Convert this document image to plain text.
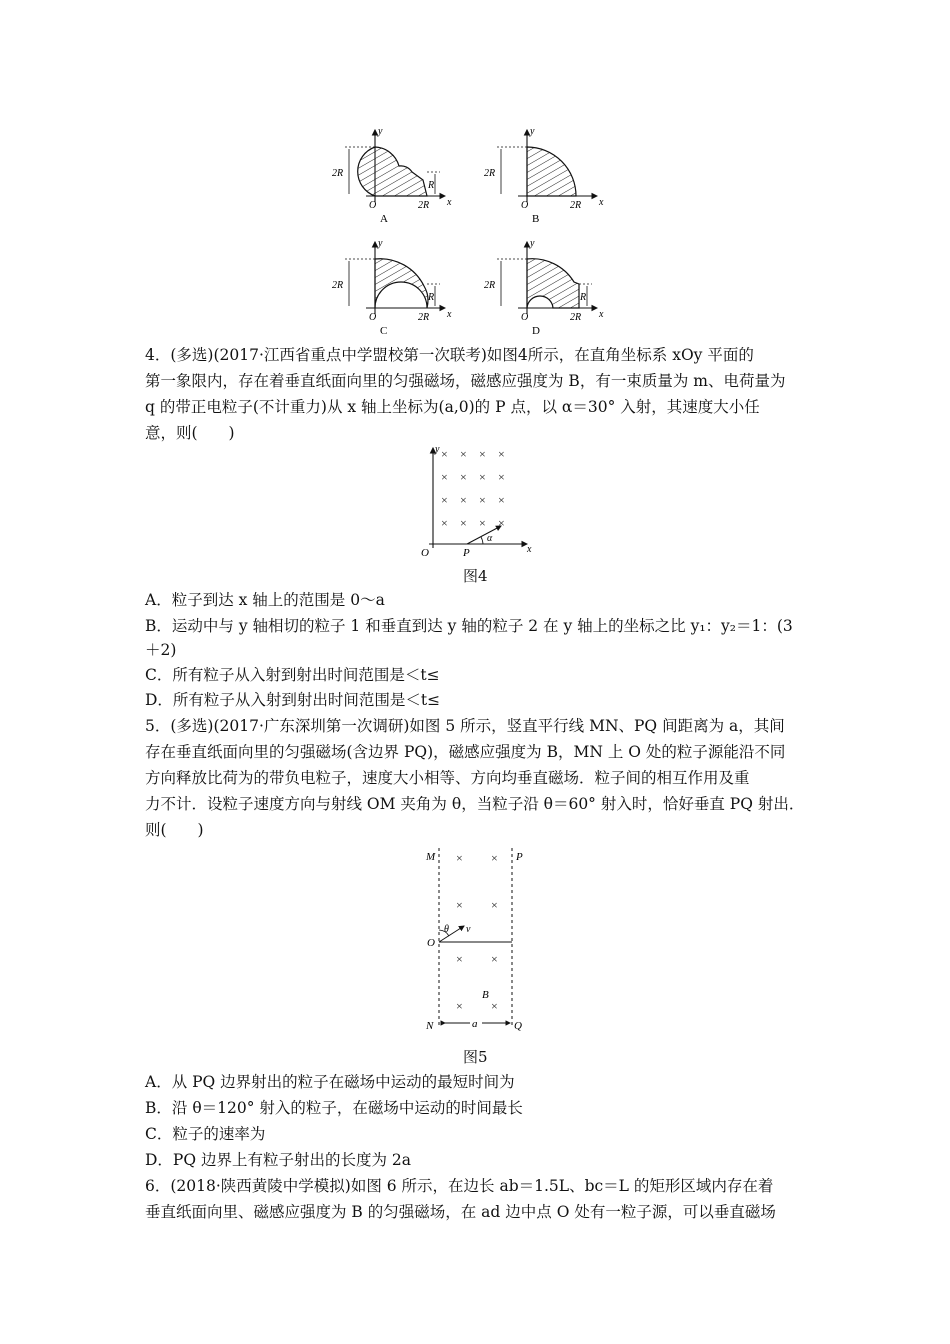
y
x
O
2R
2R
R
A
y
x
O
2R
2R
B
y
x
O
2R
2R
R
C
y
x
O
2R
2R
R
D
4．(多选)(2017·江西省重点中学盟校第一次联考)如图4所示，在直角坐标系 xOy 平面的
第一象限内，存在着垂直纸面向里的匀强磁场，磁感应强度为 B，有一束质量为 m、电荷量为
q 的带正电粒子(不计重力)从 x 轴上坐标为(a,0)的 P 点，以 α＝30° 入射，其速度大小任
意，则(　　)
× × × ×
× × × ×
× × × ×
× × × ×
y
x
O	P
α
图4
A．粒子到达 x 轴上的范围是 0～a
B．运动中与 y 轴相切的粒子 1 和垂直到达 y 轴的粒子 2 在 y 轴上的坐标之比 y₁：y₂＝1：(3
＋2)
C．所有粒子从入射到射出时间范围是＜t≤
D．所有粒子从入射到射出时间范围是＜t≤
5．(多选)(2017·广东深圳第一次调研)如图 5 所示，竖直平行线 MN、PQ 间距离为 a，其间
存在垂直纸面向里的匀强磁场(含边界 PQ)，磁感应强度为 B，MN 上 O 处的粒子源能沿不同
方向释放比荷为的带负电粒子，速度大小相等、方向均垂直磁场．粒子间的相互作用及重
力不计．设粒子速度方向与射线 OM 夹角为 θ，当粒子沿 θ＝60° 射入时，恰好垂直 PQ 射出．
则(　　)
× ×
× ×
× ×
× ×
M	P
O
θ v
B
a
N	Q
图5
A．从 PQ 边界射出的粒子在磁场中运动的最短时间为
B．沿 θ＝120° 射入的粒子，在磁场中运动的时间最长
C．粒子的速率为
D．PQ 边界上有粒子射出的长度为 2a
6．(2018·陕西黄陵中学模拟)如图 6 所示，在边长 ab＝1.5L、bc＝L 的矩形区域内存在着
垂直纸面向里、磁感应强度为 B 的匀强磁场，在 ad 边中点 O 处有一粒子源，可以垂直磁场
